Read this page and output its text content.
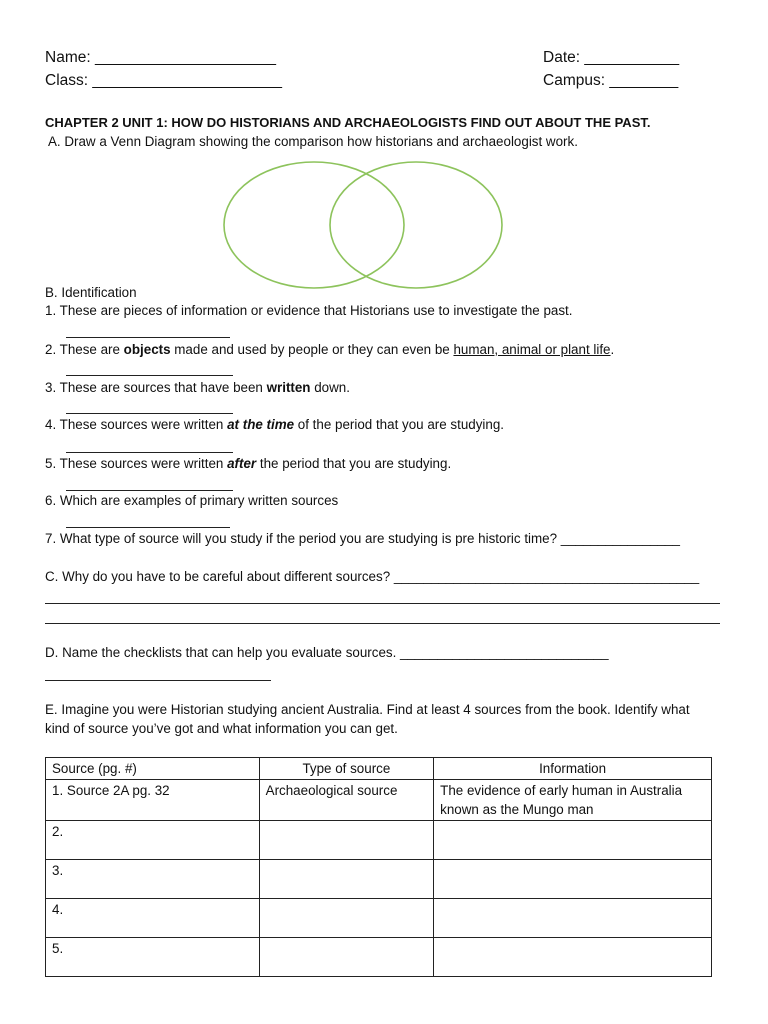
Name: _____________________	Date: ___________
Class: ______________________	Campus: ________
CHAPTER 2 UNIT 1: HOW DO HISTORIANS AND ARCHAEOLOGISTS FIND OUT ABOUT THE PAST.
A. Draw a Venn Diagram showing the comparison how historians and archaeologist work.
B. Identification
1. These are pieces of information or evidence that Historians use to investigate the past.
2. These are objects made and used by people or they can even be human, animal or plant life.
3. These are sources that have been written down.
4. These sources were written at the time of the period that you are studying.
5. These sources were written after the period that you are studying.
6. Which are examples of primary written sources
7. What type of source will you study if the period you are studying is pre historic time? ________________
C. Why do you have to be careful about different sources? _________________________________________
D. Name the checklists that can help you evaluate sources. ____________________________
E. Imagine you were Historian studying ancient Australia. Find at least 4 sources from the book. Identify what
kind of source you’ve got and what information you can get.
Source (pg. #)	Type of source	Information
1. Source 2A pg. 32	Archaeological source	The evidence of early human in Australia known as the Mungo man
2.		
3.		
4.		
5.		
